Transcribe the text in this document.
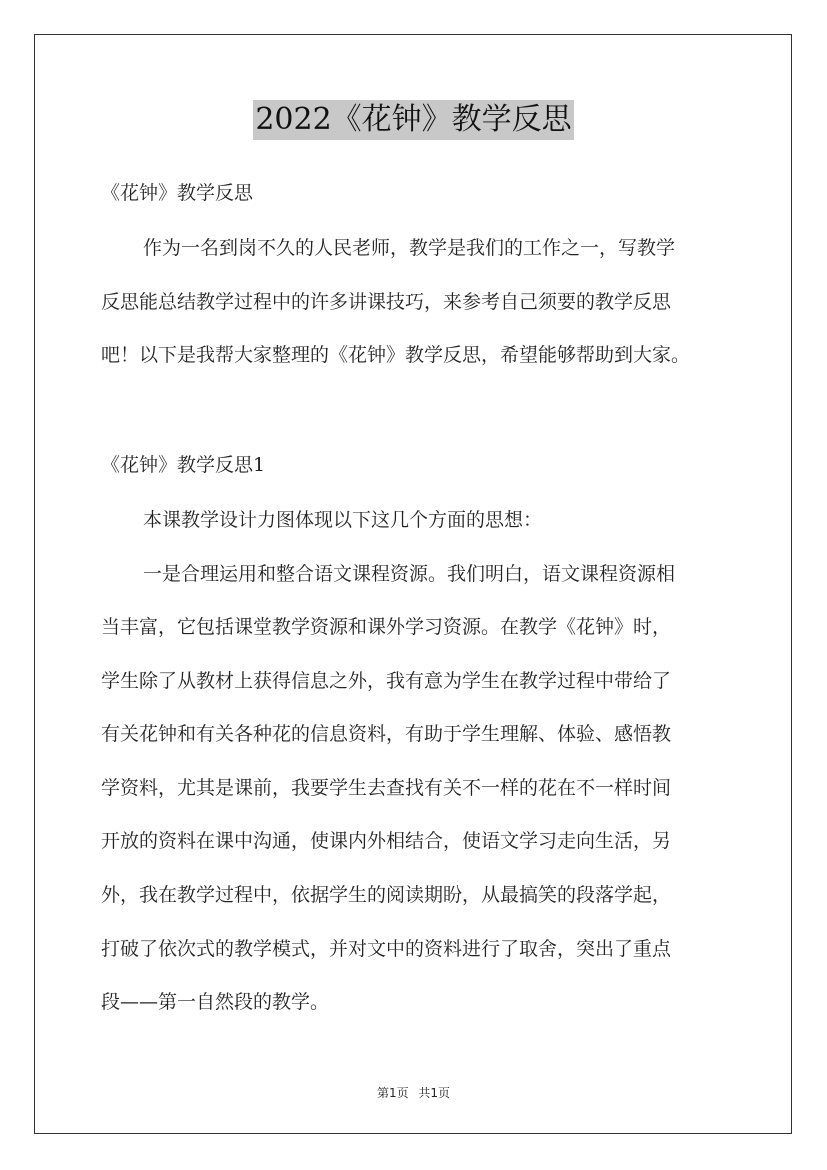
2022《花钟》教学反思
《花钟》教学反思
作为一名到岗不久的人民老师，教学是我们的工作之一，写教学
反思能总结教学过程中的许多讲课技巧，来参考自己须要的教学反思
吧！以下是我帮大家整理的《花钟》教学反思，希望能够帮助到大家。
《花钟》教学反思1
本课教学设计力图体现以下这几个方面的思想：
一是合理运用和整合语文课程资源。我们明白，语文课程资源相
当丰富，它包括课堂教学资源和课外学习资源。在教学《花钟》时，
学生除了从教材上获得信息之外，我有意为学生在教学过程中带给了
有关花钟和有关各种花的信息资料，有助于学生理解、体验、感悟教
学资料，尤其是课前，我要学生去查找有关不一样的花在不一样时间
开放的资料在课中沟通，使课内外相结合，使语文学习走向生活，另
外，我在教学过程中，依据学生的阅读期盼，从最搞笑的段落学起，
打破了依次式的教学模式，并对文中的资料进行了取舍，突出了重点
段——第一自然段的教学。
第1页 共1页
